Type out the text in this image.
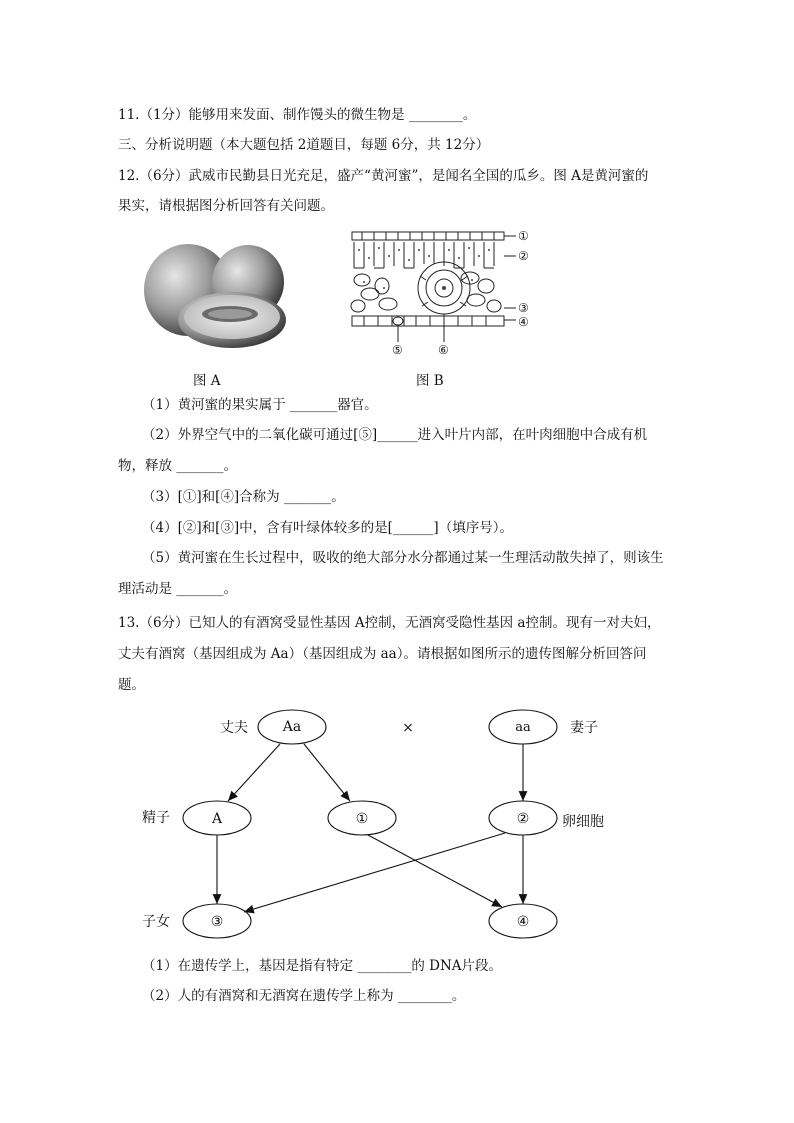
11.（1分）能够用来发面、制作馒头的微生物是 ________。
三、分析说明题（本大题包括 2道题目，每题 6分，共 12分）
12.（6分）武威市民勤县日光充足，盛产“黄河蜜”，是闻名全国的瓜乡。图 A是黄河蜜的
果实，请根据图分析回答有关问题。
①
②
③
④
⑤	⑥
图 A	图 B
（1）黄河蜜的果实属于 _______器官。
（2）外界空气中的二氧化碳可通过[⑤]______进入叶片内部，在叶肉细胞中合成有机
物，释放 _______。
（3）[①]和[④]合称为 _______。
（4）[②]和[③]中，含有叶绿体较多的是[______]（填序号）。
（5）黄河蜜在生长过程中，吸收的绝大部分水分都通过某一生理活动散失掉了，则该生
理活动是 _______。
13.（6分）已知人的有酒窝受显性基因 A控制，无酒窝受隐性基因 a控制。现有一对夫妇，
丈夫有酒窝（基因组成为 Aa）（基因组成为 aa）。请根据如图所示的遗传图解分析回答问
题。
丈夫 Aa	×	aa	妻子
精子	A	①	② 卵细胞
子女	③	④
（1）在遗传学上，基因是指有特定 ________的 DNA片段。
（2）人的有酒窝和无酒窝在遗传学上称为 ________。
